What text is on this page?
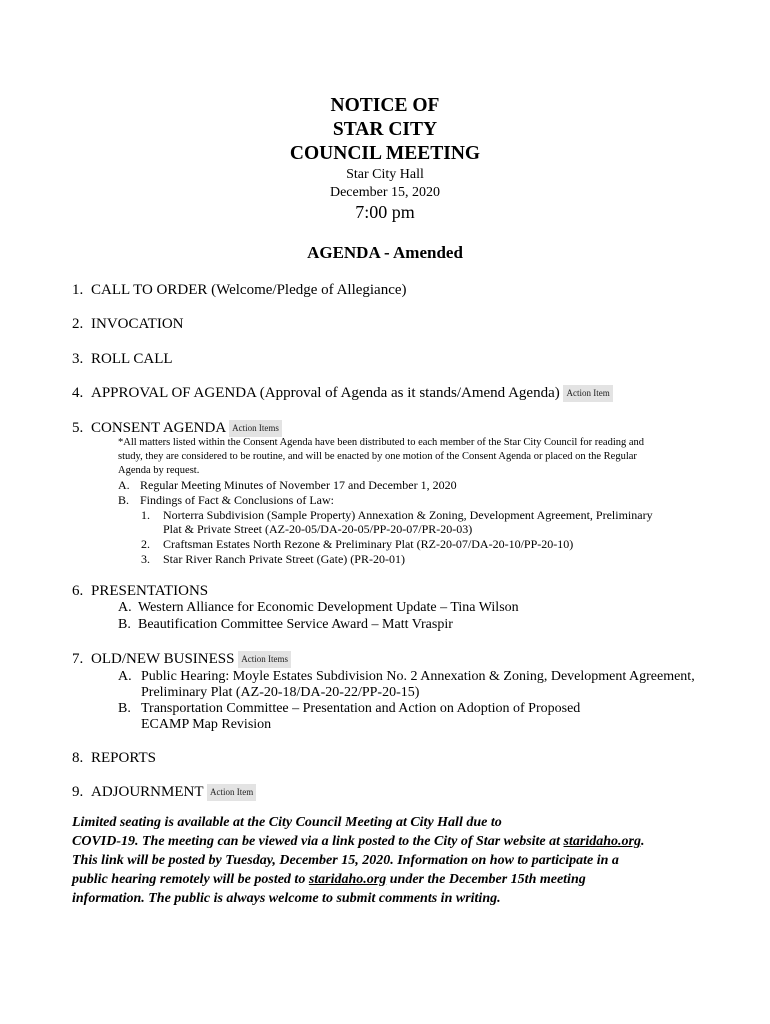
NOTICE OF
STAR CITY
COUNCIL MEETING
Star City Hall
December 15, 2020
7:00 pm
AGENDA - Amended
1. CALL TO ORDER (Welcome/Pledge of Allegiance)
2. INVOCATION
3. ROLL CALL
4. APPROVAL OF AGENDA (Approval of Agenda as it stands/Amend Agenda) Action Item
5. CONSENT AGENDA Action Items
*All matters listed within the Consent Agenda have been distributed to each member of the Star City Council for reading and
study, they are considered to be routine, and will be enacted by one motion of the Consent Agenda or placed on the Regular
Agenda by request.
A. Regular Meeting Minutes of November 17 and December 1, 2020
B. Findings of Fact & Conclusions of Law:
1. Norterra Subdivision (Sample Property) Annexation & Zoning, Development Agreement, Preliminary
Plat & Private Street (AZ-20-05/DA-20-05/PP-20-07/PR-20-03)
2. Craftsman Estates North Rezone & Preliminary Plat (RZ-20-07/DA-20-10/PP-20-10)
3. Star River Ranch Private Street (Gate) (PR-20-01)
6. PRESENTATIONS
A. Western Alliance for Economic Development Update – Tina Wilson
B. Beautification Committee Service Award – Matt Vraspir
7. OLD/NEW BUSINESS Action Items
A. Public Hearing: Moyle Estates Subdivision No. 2 Annexation & Zoning, Development Agreement,
Preliminary Plat (AZ-20-18/DA-20-22/PP-20-15)
B. Transportation Committee – Presentation and Action on Adoption of Proposed
ECAMP Map Revision
8. REPORTS
9. ADJOURNMENT Action Item
Limited seating is available at the City Council Meeting at City Hall due to
COVID-19. The meeting can be viewed via a link posted to the City of Star website at staridaho.org.
This link will be posted by Tuesday, December 15, 2020. Information on how to participate in a
public hearing remotely will be posted to staridaho.org under the December 15th meeting
information. The public is always welcome to submit comments in writing.
